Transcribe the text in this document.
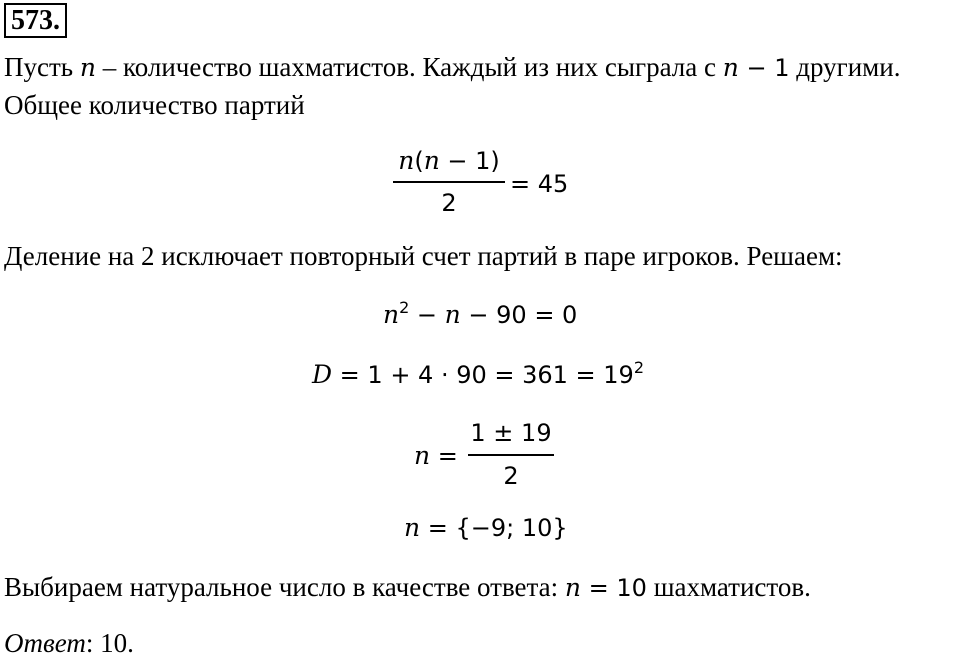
573.
Пусть n – количество шахматистов. Каждый из них сыграла с n − 1 другими.
Общее количество партий
n(n − 1)
2
= 45
Деление на 2 исключает повторный счет партий в паре игроков. Решаем:
$n^2 - n - 90 = 0$
$D = 1 + 4 \cdot 90 = 361 = 19^2$
n =
1 ± 19
2
n = {−9; 10}
Выбираем натуральное число в качестве ответа: n = 10 шахматистов.
Ответ: 10.
